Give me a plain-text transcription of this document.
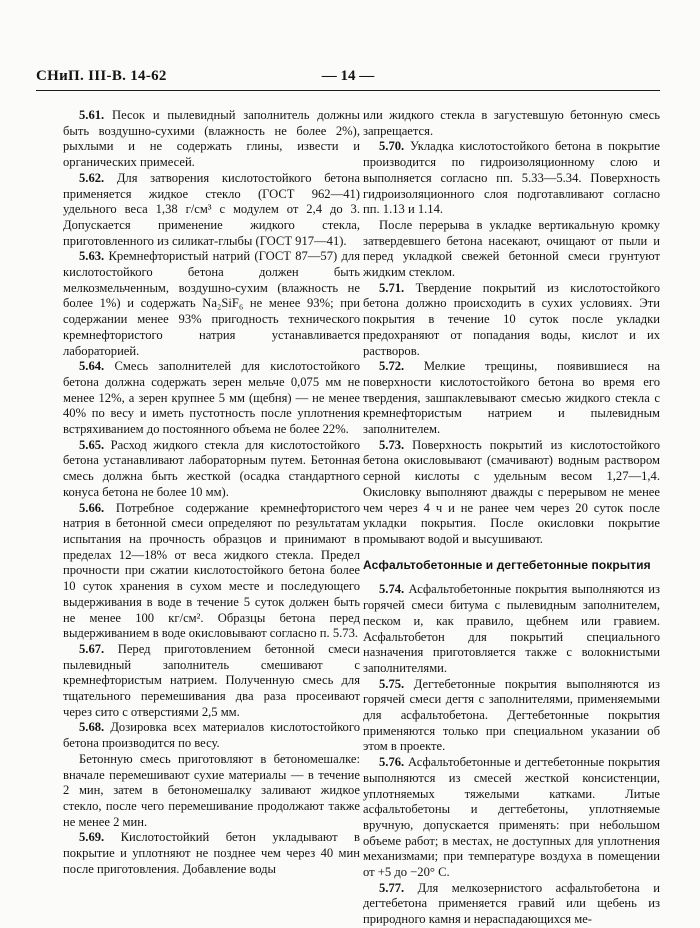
СНиП. III-В. 14-62	— 14 —

5.61. Песок и пылевидный заполнитель должны быть воздушно-сухими (влажность не более 2%), рыхлыми и не содержать глины, извести и органических примесей.

5.62. Для затворения кислотостойкого бетона применяется жидкое стекло (ГОСТ 962—41) удельного веса 1,38 г/см³ с модулем от 2,4 до 3. Допускается применение жидкого стекла, приготовленного из силикат-глыбы (ГОСТ 917—41).

5.63. Кремнефтористый натрий (ГОСТ 87—57) для кислотостойкого бетона должен быть мелкозмельченным, воздушно-сухим (влажность не более 1%) и содержать Na₂SiF₆ не менее 93%; при содержании менее 93% пригодность технического кремнефтористого натрия устанавливается лабораторией.

5.64. Смесь заполнителей для кислотостойкого бетона должна содержать зерен мельче 0,075 мм не менее 12%, а зерен крупнее 5 мм (щебня) — не менее 40% по весу и иметь пустотность после уплотнения встряхиванием до постоянного объема не более 22%.

5.65. Расход жидкого стекла для кислотостойкого бетона устанавливают лабораторным путем. Бетонная смесь должна быть жесткой (осадка стандартного конуса бетона не более 10 мм).

5.66. Потребное содержание кремнефтористого натрия в бетонной смеси определяют по результатам испытания на прочность образцов и принимают в пределах 12—18% от веса жидкого стекла. Предел прочности при сжатии кислотостойкого бетона более 10 суток хранения в сухом месте и последующего выдерживания в воде в течение 5 суток должен быть не менее 100 кг/см². Образцы бетона перед выдерживанием в воде окисловывают согласно п. 5.73.

5.67. Перед приготовлением бетонной смеси пылевидный заполнитель смешивают с кремнефтористым натрием. Полученную смесь для тщательного перемешивания два раза просеивают через сито с отверстиями 2,5 мм.

5.68. Дозировка всех материалов кислотостойкого бетона производится по весу.

Бетонную смесь приготовляют в бетономешалке: вначале перемешивают сухие материалы — в течение 2 мин, затем в бетономешалку заливают жидкое стекло, после чего перемешивание продолжают также не менее 2 мин.

5.69. Кислотостойкий бетон укладывают в покрытие и уплотняют не позднее чем через 40 мин после приготовления. Добавление воды

или жидкого стекла в загустевшую бетонную смесь запрещается.

5.70. Укладка кислотостойкого бетона в покрытие производится по гидроизоляционному слою и выполняется согласно пп. 5.33—5.34. Поверхность гидроизоляционного слоя подготавливают согласно пп. 1.13 и 1.14.

После перерыва в укладке вертикальную кромку затвердевшего бетона насекают, очищают от пыли и перед укладкой свежей бетонной смеси грунтуют жидким стеклом.

5.71. Твердение покрытий из кислотостойкого бетона должно происходить в сухих условиях. Эти покрытия в течение 10 суток после укладки предохраняют от попадания воды, кислот и их растворов.

5.72. Мелкие трещины, появившиеся на поверхности кислотостойкого бетона во время его твердения, зашпаклевывают смесью жидкого стекла с кремнефтористым натрием и пылевидным заполнителем.

5.73. Поверхность покрытий из кислотостойкого бетона окисловывают (смачивают) водным раствором серной кислоты с удельным весом 1,27—1,4. Окисловку выполняют дважды с перерывом не менее чем через 4 ч и не ранее чем через 20 суток после укладки покрытия. После окисловки покрытие промывают водой и высушивают.

Асфальтобетонные и дегтебетонные покрытия

5.74. Асфальтобетонные покрытия выполняются из горячей смеси битума с пылевидным заполнителем, песком и, как правило, щебнем или гравием. Асфальтобетон для покрытий специального назначения приготовляется также с волокнистыми заполнителями.

5.75. Дегтебетонные покрытия выполняются из горячей смеси дегтя с заполнителями, применяемыми для асфальтобетона. Дегтебетонные покрытия применяются только при специальном указании об этом в проекте.

5.76. Асфальтобетонные и дегтебетонные покрытия выполняются из смесей жесткой консистенции, уплотняемых тяжелыми катками. Литые асфальтобетоны и дегтебетоны, уплотняемые вручную, допускается применять: при небольшом объеме работ; в местах, не доступных для уплотнения механизмами; при температуре воздуха в помещении от +5 до −20° С.

5.77. Для мелкозернистого асфальтобетона и дегтебетона применяется гравий или щебень из природного камня и нераспадающихся ме-
